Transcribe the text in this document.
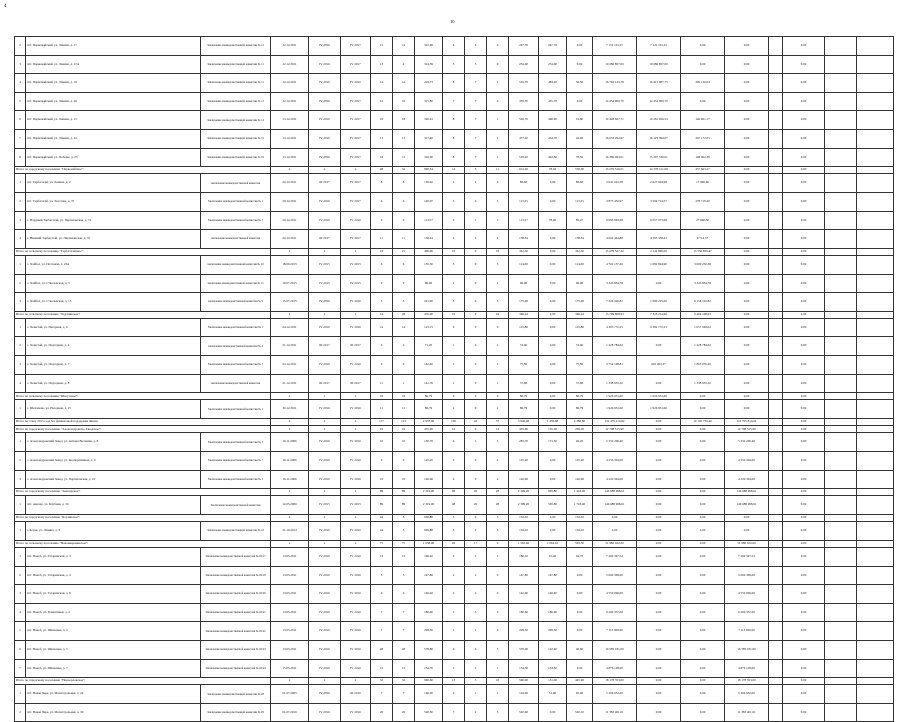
4
10
2	пгт. Парвомайский, ул. Ленина, д. 17	Заключение межведомственной комиссии № 12	12.12.2011	IV 2016	IV 2017	21	14	322,99	4	4	0	247,70	247,70	0,00	7 152 101,25	7 122 101,25	0,00	0,00		0,00		
3	пгт. Парвомайский, ул. Ленина, д. 17А	Заключение межведомственной комиссии № 11	12.12.2011	IV 2016	IV 2017	13	4	314,39	5	5	0	234,00	234,00	0,00	10 686 857,00	10 686 857,00	0,00	0,00		0,00		
4	пгт. Парвомайский, ул. Ленина, д. 19	Заключение межведомственной комиссии № 11	12.12.2011	IV 2016	IV 2016	14	14	219,73	8	7	1	519,70	483,20	36,50	16 765 123,79	16 415 987,75	349 136,04	0,00		0,00		
5	пгт. Парвомайский, ул. Ленина, д. 20	Заключение межведомственной комиссии № 13	12.12.2011	IV 2016	IV 2017	12	10	315,80	7	7	0	455,70	455,70	0,00	14 454 900,70	14 454 900,70	0,00	0,00		0,00		
6	пгт. Парвомайский, ул. Ленина, д. 21	Заключение межведомственной комиссии № 14	13.12.2011	IV 2016	IV 2017	18	18	320,61	8	7	1	520,70	490,90	19,80	10 428 827,71	10 281 926,54	146 901,17	0,00		0,00		
7	пгт. Парвомайский, ул. Ленина, д. 22	Заключение межведомственной комиссии № 15	13.12.2011	IV 2016	IV 2017	13	13	317,40	8	7	1	477,10	434,70	42,40	16 033 292,07	16 125 390,07	347 172,05	0,00		0,00		
8	пгт. Парвомайский, ул. Победы, д. 23	Заключение межведомственной комиссии № 16	13.12.2011	IV 2016	IV 2017	18	13	316,00	8	7	1	518,92	442,36	76,56	16 386 493,01	15 297 530,61	148 962,38	0,00		0,00		
Итого по городскому поселению "Парвомайское":			x	x	x	28	32	940,54	14	3	11	614,02	78,04	536,00	15 676 516,01	14 378 121,09	457 663,27	0,00		0,00		
1	пгт. Тарбагатай, ул. Ленина, д. 2	заключение межведомственной комиссии	20.12.2011	III 2017	IV 2017	8	8	159,92	2	2	0	80,60	0,00	80,60	2 641 661,58	2 627 664,98	17 996,60	0,00		0,00		
2	пгт. Тарбагатай, ул. Толстова, д. 37	Заключение межведомственной комиссии № 1	20.12.2011	IV 2016	IV 2017	4	4	140,07	3	0	3	113,25	0,00	113,25	3 873 432,97	3 594 714,57	278 718,40	0,00		0,00		
3	с. Нардный Тарбагатай, ул. Партизанская, д. 74	Заключение межведомственной комиссии № 3	20.12.2011	IV 2016	IV 2016	9	9	113,57	4	1	3	113,57	78,00	85,47	6 083 993,38	6 057 973,08	27 960,30	0,00		0,00		
4	с. Нижний Тарбагатай, ул. Партизанская, д. 76	заключение межведомственной комиссии	20.12.2011	III 2017	IV 2017	11	11	136,24	4	0	4	138,34	0,00	138,34	4 602 444,80	4 595 338,43	6 714,37	0,00		0,00		
Итого по сельскому поселению "Тарбагатайское":			x	x	x	23	21	400,00	10	0	10	361,36	0,00	361,36	15 679 527,32	2 142 890,06	13 536 659,47	0,00		0,00		
1	с. Хайбал, ул. Почтовая, д. 23А	заключение межведомственной комиссии № 10	18.09.2015	IV 2015	IV 2015	6	6	155,30	3	0	3	114,00	0,00	114,00	4 762 157,26	1 082 824,90	3 609 232,38	0,00		0,00		
2	с. Хайбал, ул. Стволовская, д. 5	заключение межведомственной комиссии № 11	19.07.2015	IV 2015	IV 2015	9	9	90,00	2	0	2	90,00	0,00	90,00	3 343 854,78	0,00	3 343 854,78	0,00		0,00		
3	с. Хайбал, ул. Стволовская, д. 13	заключение межведомственной комиссии № 9	15.07.2015	IV 2016	IV 2016	3	3	221,90	5	0	5	175,00	0,00	175,00	7 224 326,82	1 080 225,00	6 154 101,82	0,00		0,00		
Итого по сельскому поселению "Хадатинское":			x	x	x	14	28	476,00	10	0	10	340,24	0,00	340,24	13 799 608,93	7 325 214,90	6 464 198,93	0,00		0,00		
1	с. Хошетой, ул. Нагорная, д. 6	Заключение межведомственной комиссии № 1	24.12.2011	IV 2016	IV 2016	14	14	123,15	6	0	6	101,80	0,00	101,80	4 303 772,25	6 382 772,23	1 057 049,02	0,00		0,00		
2	с. Хошетой, ул. Подгорная, д. 4	заключение межведомственной комиссии № 2	21.12.2011	III 2017	III 2017	6	2	71,20	1	0	1	74,60	0,00	74,60	1 428 784,62	0,00	1 428 784,62	0,00		0,00		
3	с. Хошетой, ул. Подгорная, д. 7	Заключение межведомственной комиссии № 3	24.12.2011	IV 2016	IV 2016	9	9	142,40	2	0	2	75,80	0,00	75,80	2 754 168,81	645 493,37	1 865 076,20	0,00		0,00		
4	с. Хошетой, ул. Подгорная, д. 8	заключение межведомственной комиссии	21.12.2011	III 2017	III 2017	11	1	141,76	1	0	1	37,00	0,00	37,00	1 338 953,10	0,00	1 338 953,10	0,00		0,00		
Итого по сельскому поселению "Шалутское":			x	x	x	19	19	86,79	6	0	6	86,79	0,00	86,79	1 926 931,60	1 026 931,60	0,00	0,00		0,00		
1	с. Шелапено, ул. Нагорная, д. 25	Заключение межведомственной комиссии № 1	30.12.2011	IV 2016	IV 2016	11	11	86,79	2	0	2	86,79	0,00	86,79	1 926 931,60	1 926 931,60	0,00	0,00		0,00		
Итого по этапу 2015 года без финансовой поддержки Фонда			x	x	x	177	123	2 978,06	100	43	57	3 946,48	1 459,68	2 386,80	132 479 210,82	0,00	10 126 750,40	116 705 814,62		0,00		
Итого по городскому поселению "Александровско-Заводское":			x	x	x	19	19	435,96	12	0	12	435,96	135,00	299,00	12 708 515,90	0,00	0,00	12 708 515,90		0,00		
1	с. Александровский Завод, ул. Антона Волжина, д. 8	Заключение межведомственной комиссии № 3	16.11.2006	IV 2016	IV 2016	10	10	130,70	4	1	3	283,70	171,50	46,20	5 332 206,40	0,00	0,00	5 332 206,40		0,00		
2	с. Александровский Завод, ул. Кооперативная, д. 4	Заключение межведомственной комиссии № 7	16.11.2006	IV 2016	IV 2016	9	9	125,20	4	0	4	125,20	0,00	125,20	4 256 304,00	0,00	0,00	4 256 304,00		0,00		
3	с. Александровский Завод, ул. Партизанская, д. 10	Заключение межведомственной комиссии № 5	16.11.2006	IV 2016	IV 2016	10	10	126,60	4	0	4	126,60	0,00	126,60	4 220 304,00	0,00	0,00	4 220 304,00		0,00		
Итого по городскому поселению "Амазарское":			x	x	x	89	89	2 319,00	48	20	28	2 309,20	865,80	1 443,40	146 688 998,61	0,00	0,00	146 688 998,61		0,00		
1	пгт. Амазар, ул. Клубная, д. 34	Заключение межведомственной комиссии	12.05.2006	IV 2015	IV 2015	89	89	2 319,00	48	20	28	2 309,20	565,80	1 743,40	146 688 998,61	0,00	0,00	146 688 998,61		0,00		
Итого по городскому поселению "Борзинское":			x	x	x	44	5	669,88	3	0	3	134,10	0,00	134,10	0,00	0,00	0,00	0,00		0,00		
1	г. Борзя, ул. Ленина, д. 5	Заключение межведомственной комиссии № 22	31.10.2014	IV 2016	IV 2016	44	5	669,88	3	0	3	134,10	0,00	134,10	0,00	0,00	0,00	0,00		0,00		
Итого по сельскому поселению "Новоширокинское":			x	x	x	75	75	1 038,00	26	17	9	1 565,60	1 063,10	503,50	51 980 922,00	0,00	0,00	51 980 922,00		0,00		
1	пгт. Новоб, ул. Гагаринская, д. 3	Заключение межведомственной комиссии № 02/17	13.05.2011	IV 2016	IV 2016	13	13	196,40	4	2	2	186,10	91,40	94,70	7 260 347,54	0,00	0,00	7 260 347,54		0,00		
2	пгт. Новоб, ул. Гагаринская, д. 4	Заключение межведомственной комиссии № 02/18	13.05.2011	IV 2016	IV 2016	5	5	147,80	2	2	0	147,80	147,80	0,00	5 060 399,00	0,00	0,00	5 060 399,00		0,00		
3	пгт. Новоб, ул. Гагаринская, д. 8	Заключение межведомственной комиссии № 02/20	13.05.2011	IV 2016	IV 2016	9	9	146,40	2	2	0	142,60	146,40	0,00	4 550 096,00	0,00	0,00	4 550 096,00		0,00		
4	пгт. Новоб, ул. Романтиков, д. 2	Заключение межведомственной комиссии № 02/21	13.05.2011	IV 2016	IV 2016	7	7	180,60	3	3	0	180,60	180,60	0,00	6 269 337,00	0,00	0,00	6 269 337,00		0,00		
5	пгт. Новоб, ул. Шевченко, д. 2	Заключение межведомственной комиссии № 02/22	13.05.2011	IV 2016	IV 2016	7	7	209,30	1	1	0	209,30	209,30	0,00	7 113 000,00	0,00	0,00	7 113 000,00		0,00		
6	пгт. Новоб, ул. Шевченко, д. 5	Заключение межведомственной комиссии № 02/23	13.05.2011	IV 2016	IV 2016	28	28	578,80	9	4	5	570,00	122,40	46,60	16 585 181,00	0,00	0,00	16 585 181,00		0,00		
7	пгт. Новоб, ул. Шевченко, д. 7	Заключение межведомственной комиссии № 02/24	15.05.2011	IV 2016	IV 2016	12	12	154,76	3	2	1	154,50	154,50	0,00	4 876 128,00	0,00	0,00	4 876 128,00		0,00		
Итого по городскому поселению "Новоорловское":			x	x	x	32	32	960,60	13	3	10	596,90	151,00	445,90	18 178 353,00	0,00	0,00	18 178 353,00		0,00		
1	пгт. Новая Чара, ул. Магистральная, д. 22	Заключение межведомственной комиссии № 28	01.07.2005	IV 2016	III 2016	7	7	166,00	2	1	1	104,90	51,90	65,00	5 206 952,00	0,00	0,00	5 206 952,00		0,00		
2	пгт. Новая Чара, ул. Магистральная, д. 30	Заключение межведомственной комиссии № 29	01.07.2016	IV 2016	IV 2016	20	20	520,50	7	2	5	520,60	0,00	520,10	11 383 401,01	0,00	0,00	11 383 401,01		0,00		
